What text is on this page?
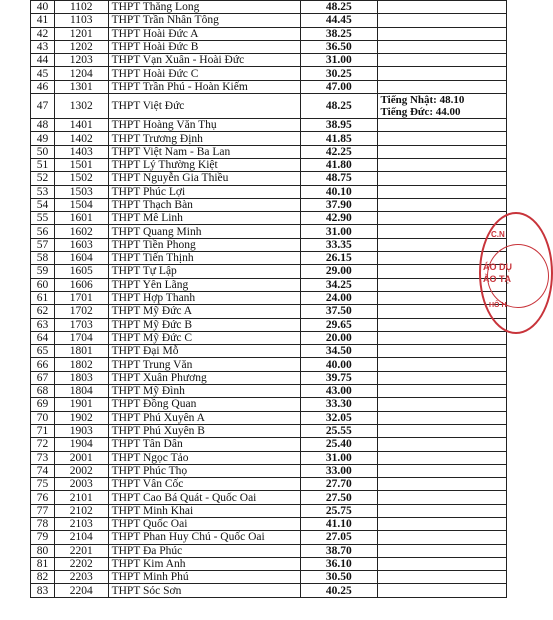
40	1102	THPT Thăng Long	48.25	
41	1103	THPT Trần Nhân Tông	44.45	
42	1201	THPT Hoài Đức A	38.25	
43	1202	THPT Hoài Đức B	36.50	
44	1203	THPT Vạn Xuân - Hoài Đức	31.00	
45	1204	THPT Hoài Đức C	30.25	
46	1301	THPT Trần Phú - Hoàn Kiếm	47.00	
47	1302	THPT Việt Đức	48.25	Tiếng Nhật: 48.10
Tiếng Đức: 44.00

48	1401	THPT Hoàng Văn Thụ	38.95	
49	1402	THPT Trương Định	41.85	
50	1403	THPT Việt Nam - Ba Lan	42.25	
51	1501	THPT Lý Thường Kiệt	41.80	
52	1502	THPT Nguyễn Gia Thiều	48.75	
53	1503	THPT Phúc Lợi	40.10	
54	1504	THPT Thạch Bàn	37.90	
55	1601	THPT Mê Linh	42.90	
56	1602	THPT Quang Minh	31.00	
57	1603	THPT Tiền Phong	33.35	
58	1604	THPT Tiến Thịnh	26.15	
59	1605	THPT Tự Lập	29.00	
60	1606	THPT Yên Lãng	34.25	
61	1701	THPT Hợp Thanh	24.00	
62	1702	THPT Mỹ Đức A	37.50	
63	1703	THPT Mỹ Đức B	29.65	
64	1704	THPT Mỹ Đức C	20.00	
65	1801	THPT Đại Mỗ	34.50	
66	1802	THPT Trung Văn	40.00	
67	1803	THPT Xuân Phương	39.75	
68	1804	THPT Mỹ Đình	43.00	
69	1901	THPT Đồng Quan	33.30	
70	1902	THPT Phú Xuyên A	32.05	
71	1903	THPT Phú Xuyên B	25.55	
72	1904	THPT Tân Dân	25.40	
73	2001	THPT Ngọc Tảo	31.00	
74	2002	THPT Phúc Thọ	33.00	
75	2003	THPT Vân Cốc	27.70	
76	2101	THPT Cao Bá Quát - Quốc Oai	27.50	
77	2102	THPT Minh Khai	25.75	
78	2103	THPT Quốc Oai	41.10	
79	2104	THPT Phan Huy Chú - Quốc Oai	27.05	
80	2201	THPT Đa Phúc	38.70	
81	2202	THPT Kim Anh	36.10	
82	2203	THPT Minh Phú	30.50	
83	2204	THPT Sóc Sơn	40.25	
C.N
ÁO DỤ
ÀO TẠ
HÔ H
